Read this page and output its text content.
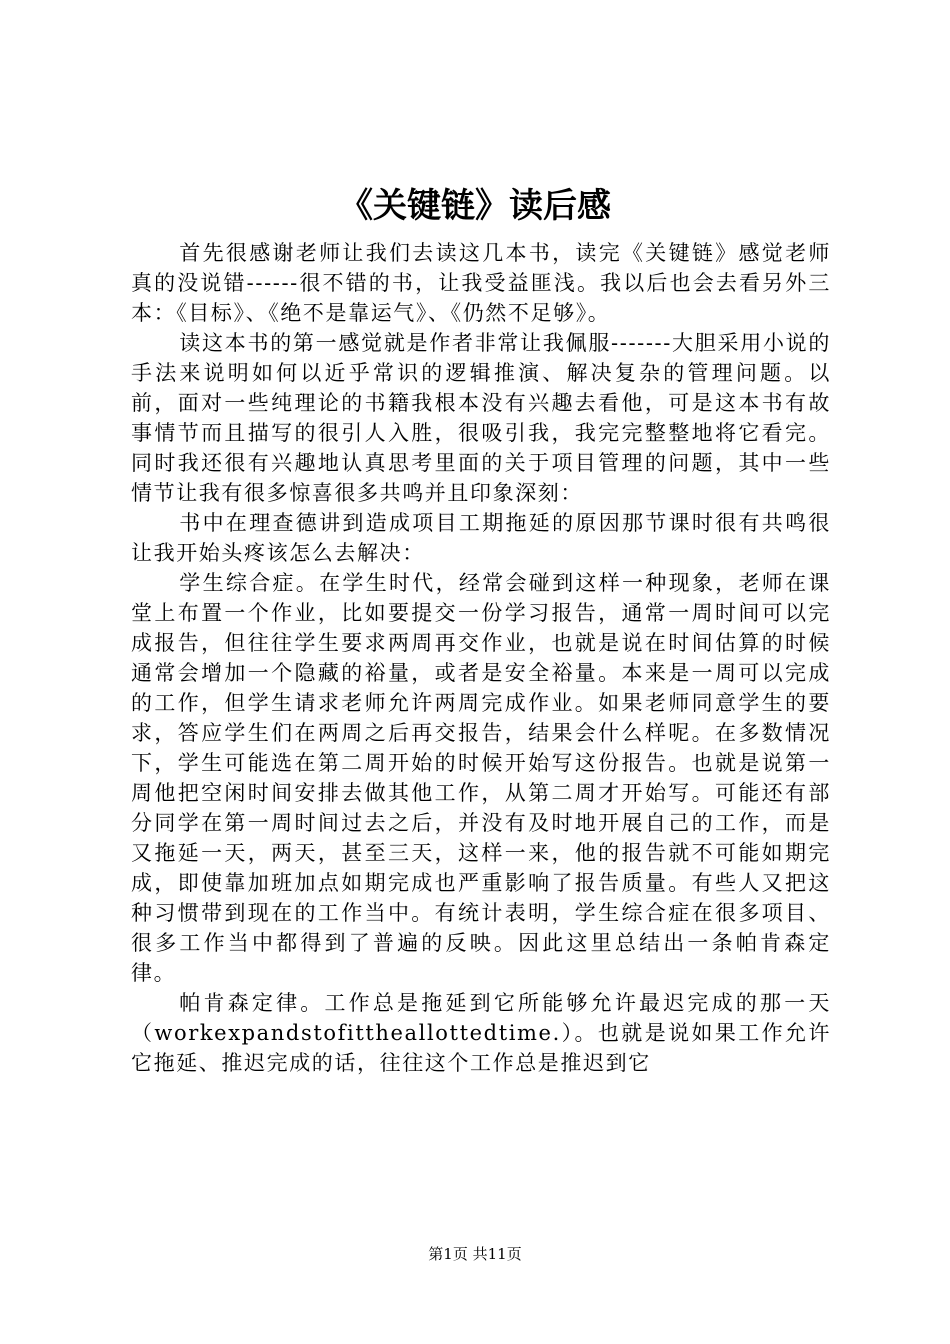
《关键链》读后感

首先很感谢老师让我们去读这几本书，读完《关键链》感觉老师真的没说错------很不错的书，让我受益匪浅。我以后也会去看另外三本：《目标》、《绝不是靠运气》、《仍然不足够》。

读这本书的第一感觉就是作者非常让我佩服-------大胆采用小说的手法来说明如何以近乎常识的逻辑推演、解决复杂的管理问题。以前，面对一些纯理论的书籍我根本没有兴趣去看他，可是这本书有故事情节而且描写的很引人入胜，很吸引我，我完完整整地将它看完。同时我还很有兴趣地认真思考里面的关于项目管理的问题，其中一些情节让我有很多惊喜很多共鸣并且印象深刻：

书中在理查德讲到造成项目工期拖延的原因那节课时很有共鸣很让我开始头疼该怎么去解决：

学生综合症。在学生时代，经常会碰到这样一种现象，老师在课堂上布置一个作业，比如要提交一份学习报告，通常一周时间可以完成报告，但往往学生要求两周再交作业，也就是说在时间估算的时候通常会增加一个隐藏的裕量，或者是安全裕量。本来是一周可以完成的工作，但学生请求老师允许两周完成作业。如果老师同意学生的要求，答应学生们在两周之后再交报告，结果会什么样呢。在多数情况下，学生可能选在第二周开始的时候开始写这份报告。也就是说第一周他把空闲时间安排去做其他工作，从第二周才开始写。可能还有部分同学在第一周时间过去之后，并没有及时地开展自己的工作，而是又拖延一天，两天，甚至三天，这样一来，他的报告就不可能如期完成，即使靠加班加点如期完成也严重影响了报告质量。有些人又把这种习惯带到现在的工作当中。有统计表明，学生综合症在很多项目、很多工作当中都得到了普遍的反映。因此这里总结出一条帕肯森定律。

帕肯森定律。工作总是拖延到它所能够允许最迟完成的那一天（workexpandstofittheallottedtime.）。也就是说如果工作允许它拖延、推迟完成的话，往往这个工作总是推迟到它

第1页 共11页
